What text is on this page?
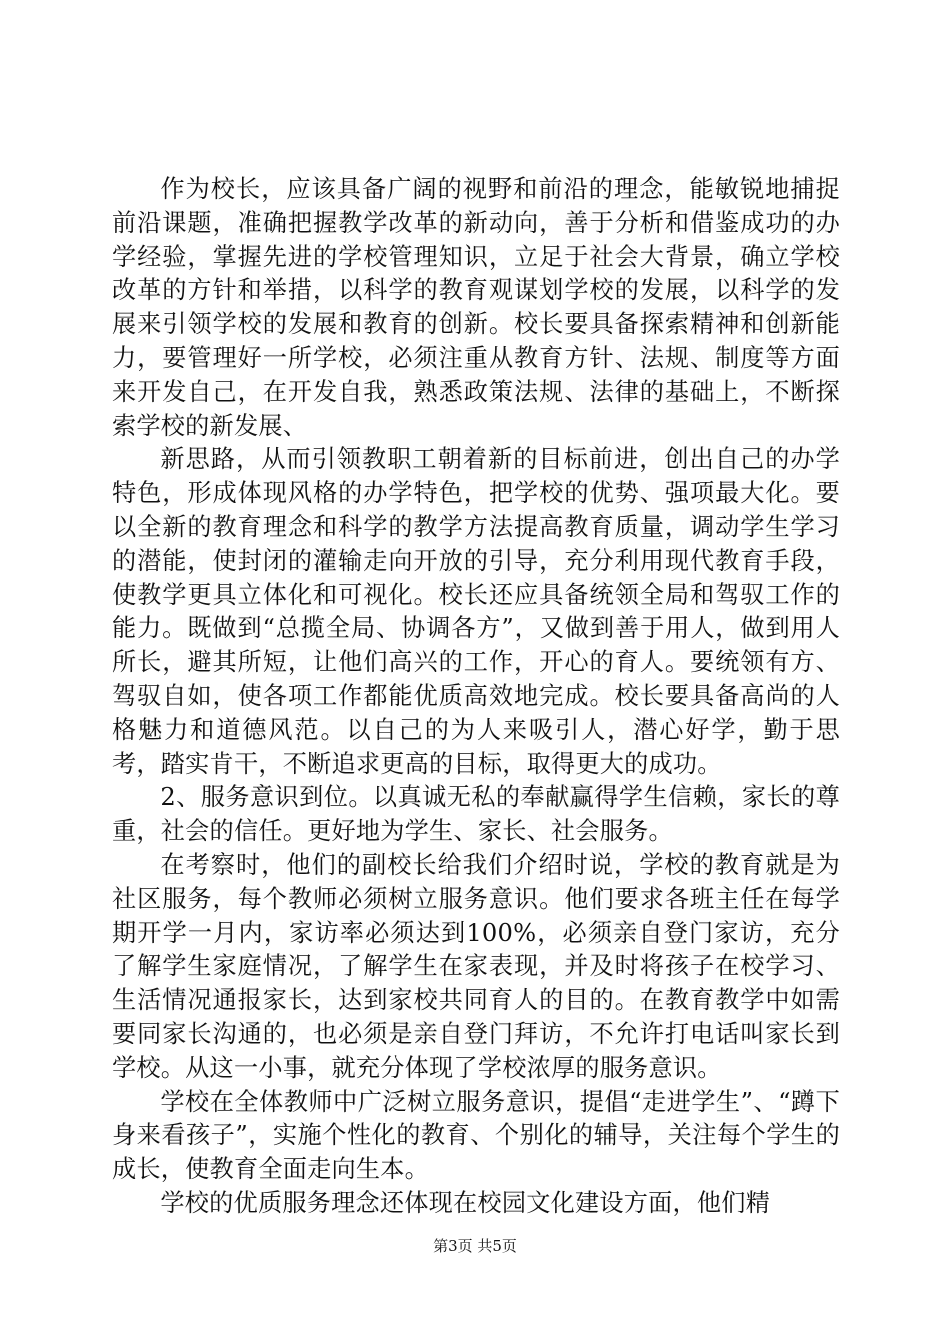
作为校长，应该具备广阔的视野和前沿的理念，能敏锐地捕捉前沿课题，准确把握教学改革的新动向，善于分析和借鉴成功的办学经验，掌握先进的学校管理知识，立足于社会大背景，确立学校改革的方针和举措，以科学的教育观谋划学校的发展，以科学的发展来引领学校的发展和教育的创新。校长要具备探索精神和创新能力，要管理好一所学校，必须注重从教育方针、法规、制度等方面来开发自己，在开发自我，熟悉政策法规、法律的基础上，不断探索学校的新发展、

新思路，从而引领教职工朝着新的目标前进，创出自己的办学特色，形成体现风格的办学特色，把学校的优势、强项最大化。要以全新的教育理念和科学的教学方法提高教育质量，调动学生学习的潜能，使封闭的灌输走向开放的引导，充分利用现代教育手段，使教学更具立体化和可视化。校长还应具备统领全局和驾驭工作的能力。既做到“总揽全局、协调各方”，又做到善于用人，做到用人所长，避其所短，让他们高兴的工作，开心的育人。要统领有方、驾驭自如，使各项工作都能优质高效地完成。校长要具备高尚的人格魅力和道德风范。以自己的为人来吸引人，潜心好学，勤于思考，踏实肯干，不断追求更高的目标，取得更大的成功。

2、服务意识到位。以真诚无私的奉献赢得学生信赖，家长的尊重，社会的信任。更好地为学生、家长、社会服务。

在考察时，他们的副校长给我们介绍时说，学校的教育就是为社区服务，每个教师必须树立服务意识。他们要求各班主任在每学期开学一月内，家访率必须达到100%，必须亲自登门家访，充分了解学生家庭情况，了解学生在家表现，并及时将孩子在校学习、生活情况通报家长，达到家校共同育人的目的。在教育教学中如需要同家长沟通的，也必须是亲自登门拜访，不允许打电话叫家长到学校。从这一小事，就充分体现了学校浓厚的服务意识。

学校在全体教师中广泛树立服务意识，提倡“走进学生”、“蹲下身来看孩子”，实施个性化的教育、个别化的辅导，关注每个学生的成长，使教育全面走向生本。

学校的优质服务理念还体现在校园文化建设方面，他们精

第3页 共5页
